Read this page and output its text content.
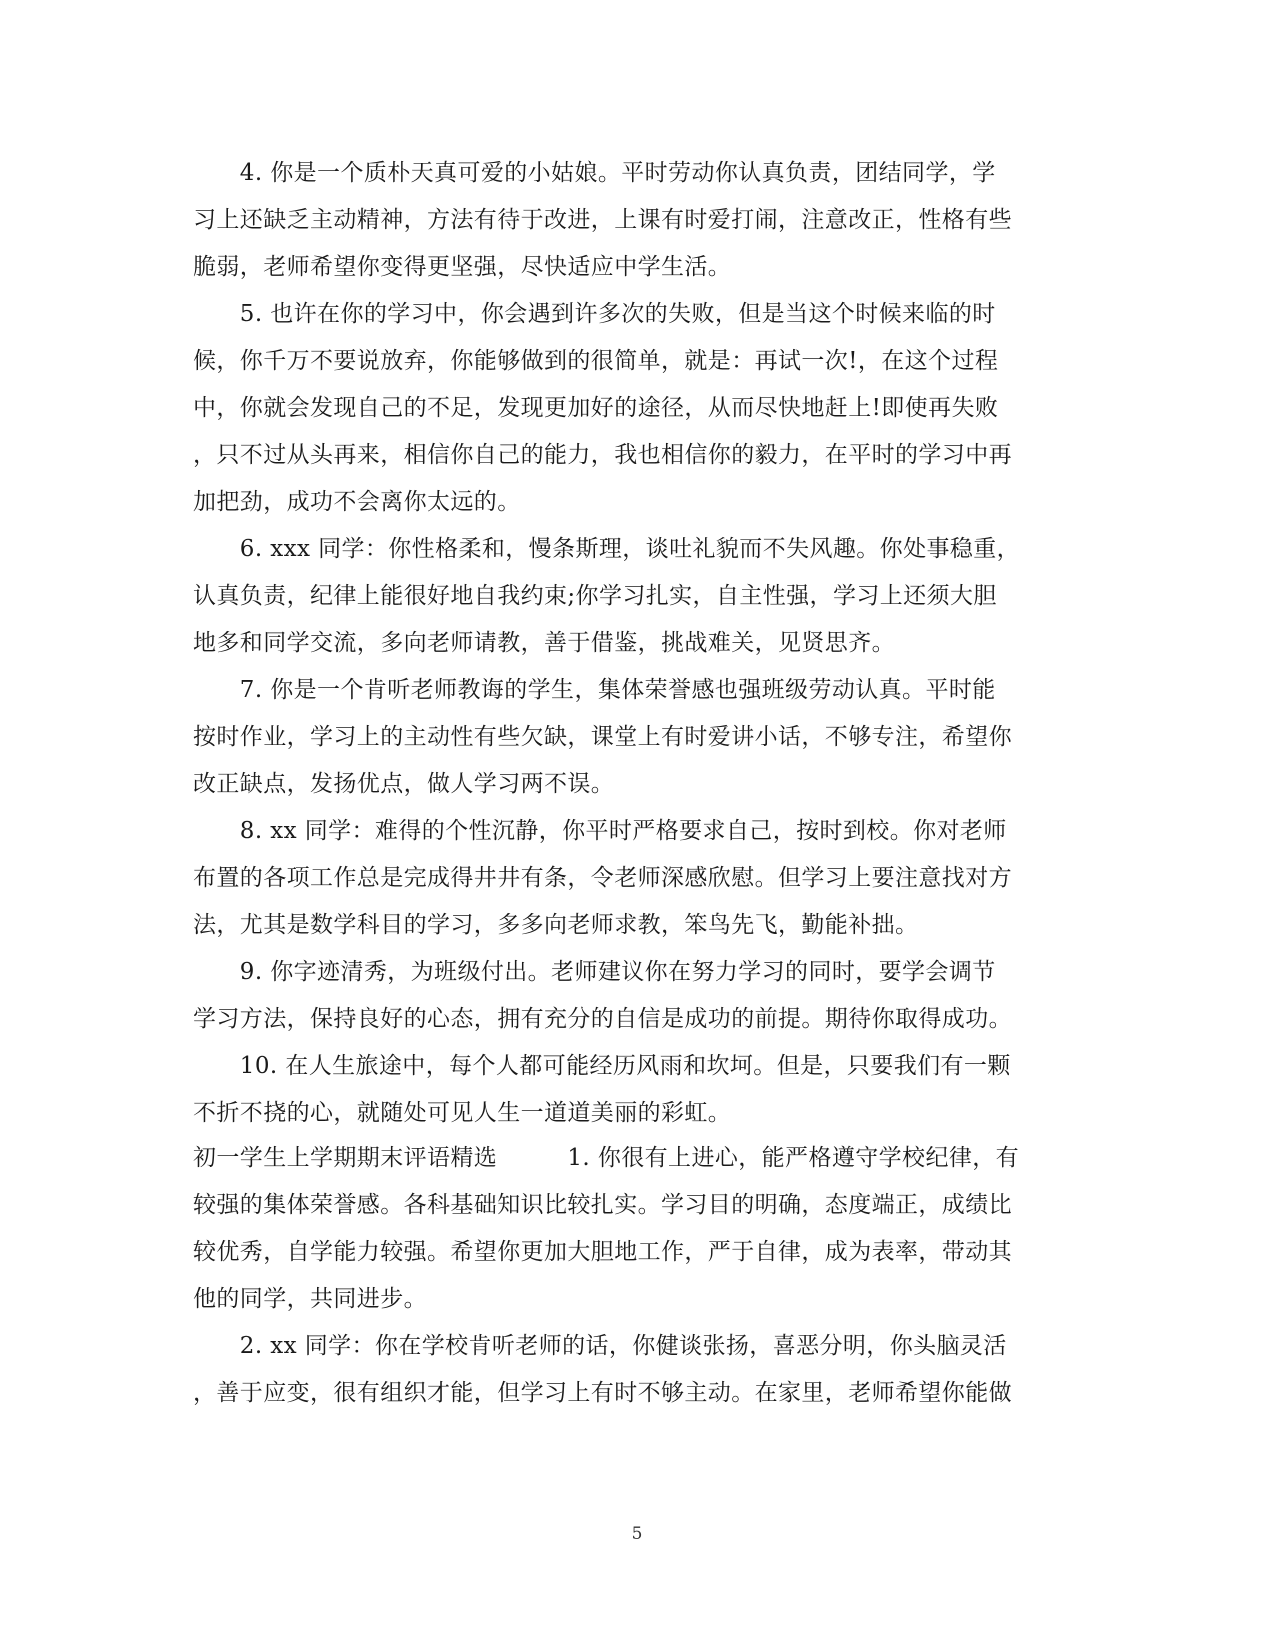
　　4. 你是一个质朴天真可爱的小姑娘。平时劳动你认真负责，团结同学，学
习上还缺乏主动精神，方法有待于改进，上课有时爱打闹，注意改正，性格有些
脆弱，老师希望你变得更坚强，尽快适应中学生活。
　　5. 也许在你的学习中，你会遇到许多次的失败，但是当这个时候来临的时
候，你千万不要说放弃，你能够做到的很简单，就是：再试一次!，在这个过程
中，你就会发现自己的不足，发现更加好的途径，从而尽快地赶上!即使再失败
，只不过从头再来，相信你自己的能力，我也相信你的毅力，在平时的学习中再
加把劲，成功不会离你太远的。
　　6. xxx 同学：你性格柔和，慢条斯理，谈吐礼貌而不失风趣。你处事稳重，
认真负责，纪律上能很好地自我约束;你学习扎实，自主性强，学习上还须大胆
地多和同学交流，多向老师请教，善于借鉴，挑战难关，见贤思齐。
　　7. 你是一个肯听老师教诲的学生，集体荣誉感也强班级劳动认真。平时能
按时作业，学习上的主动性有些欠缺，课堂上有时爱讲小话，不够专注，希望你
改正缺点，发扬优点，做人学习两不误。
　　8. xx 同学：难得的个性沉静，你平时严格要求自己，按时到校。你对老师
布置的各项工作总是完成得井井有条，令老师深感欣慰。但学习上要注意找对方
法，尤其是数学科目的学习，多多向老师求教，笨鸟先飞，勤能补拙。
　　9. 你字迹清秀，为班级付出。老师建议你在努力学习的同时，要学会调节
学习方法，保持良好的心态，拥有充分的自信是成功的前提。期待你取得成功。
　　10. 在人生旅途中，每个人都可能经历风雨和坎坷。但是，只要我们有一颗
不折不挠的心，就随处可见人生一道道美丽的彩虹。
初一学生上学期期末评语精选　　　1. 你很有上进心，能严格遵守学校纪律，有
较强的集体荣誉感。各科基础知识比较扎实。学习目的明确，态度端正，成绩比
较优秀，自学能力较强。希望你更加大胆地工作，严于自律，成为表率，带动其
他的同学，共同进步。
　　2. xx 同学：你在学校肯听老师的话，你健谈张扬，喜恶分明，你头脑灵活
，善于应变，很有组织才能，但学习上有时不够主动。在家里，老师希望你能做
5
